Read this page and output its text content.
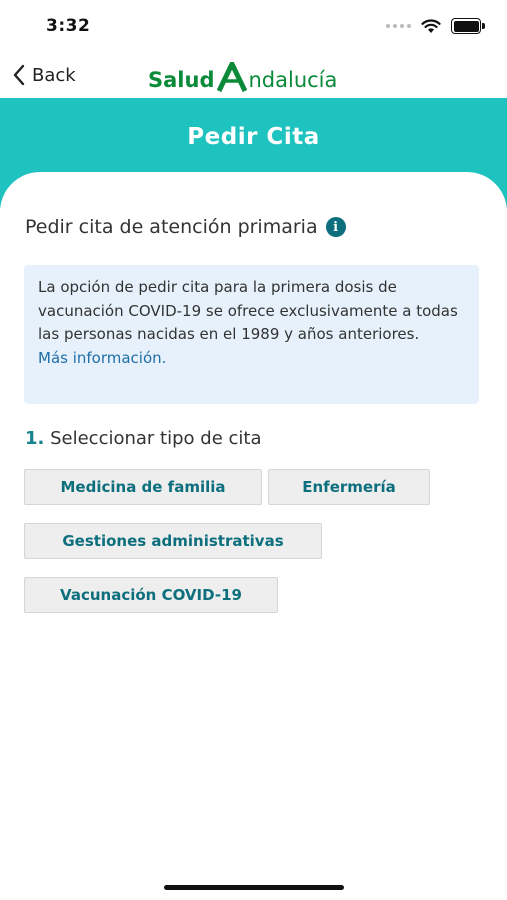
3:32
Back	Salud ndalucía
Pedir Cita
Pedir cita de atención primaria	i
La opción de pedir cita para la primera dosis de vacunación COVID-19 se ofrece exclusivamente a todas las personas nacidas en el 1989 y años anteriores.
Más información.
1. Seleccionar tipo de cita
Medicina de familia	Enfermería
Gestiones administrativas
Vacunación COVID-19
